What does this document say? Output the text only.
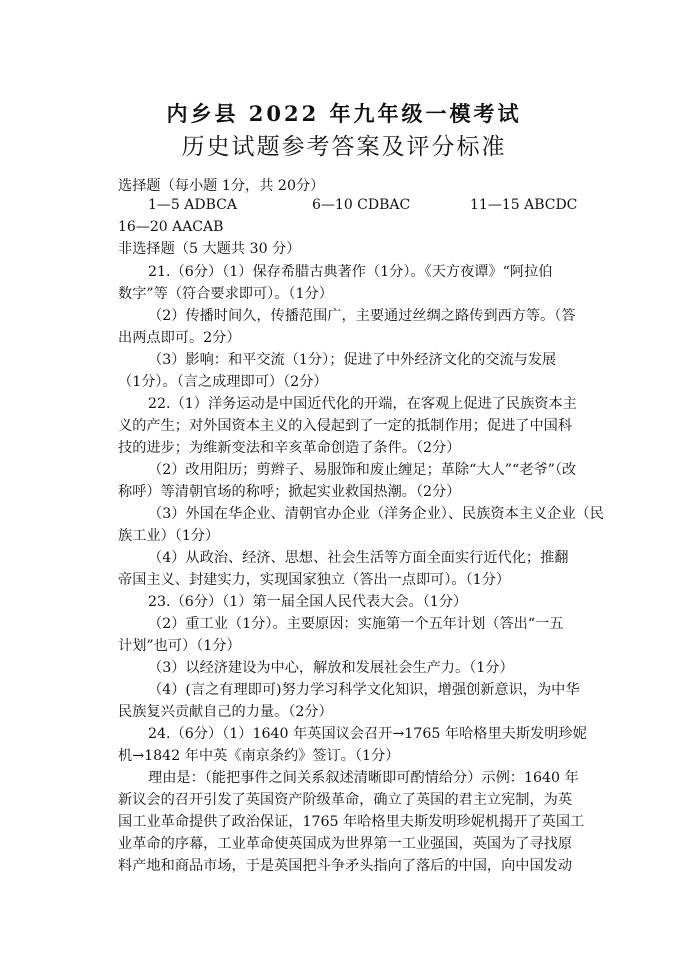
内乡县 2022 年九年级一模考试
历史试题参考答案及评分标准
选择题（每小题 1分，共 20分）
1—5 ADBCA	6—10 CDBAC	11—15 ABCDC
16—20 AACAB
非选择题（5 大题共 30 分）
21.（6分）（1）保存希腊古典著作（1分）。《天方夜谭》“阿拉伯
数字”等（符合要求即可）。（1分）
（2）传播时间久，传播范围广，主要通过丝绸之路传到西方等。（答
出两点即可。2分）
（3）影响：和平交流（1分）；促进了中外经济文化的交流与发展
（1分）。（言之成理即可）（2分）
22.（1）洋务运动是中国近代化的开端，在客观上促进了民族资本主
义的产生；对外国资本主义的入侵起到了一定的抵制作用；促进了中国科
技的进步；为维新变法和辛亥革命创造了条件。（2分）
（2）改用阳历；剪辫子、易服饰和废止缠足；革除“大人”“老爷”（改
称呼）等清朝官场的称呼；掀起实业救国热潮。（2分）
（3）外国在华企业、清朝官办企业（洋务企业）、民族资本主义企业（民
族工业）（1分）
（4）从政治、经济、思想、社会生活等方面全面实行近代化；推翻
帝国主义、封建实力，实现国家独立（答出一点即可）。（1分）
23.（6分）（1）第一届全国人民代表大会。（1分）
（2）重工业（1分）。主要原因：实施第一个五年计划（答出“一五
计划”也可）（1分）
（3）以经济建设为中心，解放和发展社会生产力。（1分）
（4）(言之有理即可)努力学习科学文化知识，增强创新意识，为中华
民族复兴贡献自己的力量。（2分）
24.（6分）（1）1640 年英国议会召开→1765 年哈格里夫斯发明珍妮
机→1842 年中英《南京条约》签订。（1分）
理由是：（能把事件之间关系叙述清晰即可酌情给分）示例：1640 年
新议会的召开引发了英国资产阶级革命，确立了英国的君主立宪制，为英
国工业革命提供了政治保证，1765 年哈格里夫斯发明珍妮机揭开了英国工
业革命的序幕，工业革命使英国成为世界第一工业强国，英国为了寻找原
料产地和商品市场，于是英国把斗争矛头指向了落后的中国，向中国发动
